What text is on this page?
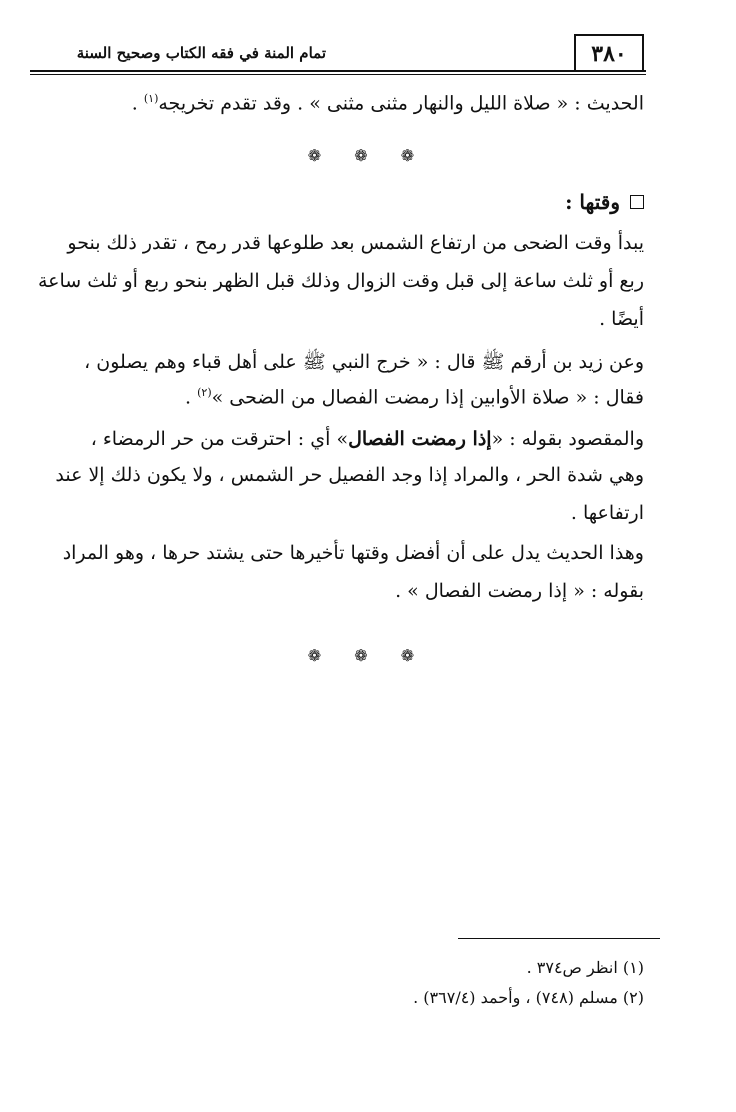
٣٨٠
تمام المنة في فقه الكتاب وصحيح السنة
الحديث : « صلاة الليل والنهار مثنى مثنى » . وقد تقدم تخريجه$^{(١)}$ .
❁ ❁ ❁
وقتها :
يبدأ وقت الضحى من ارتفاع الشمس بعد طلوعها قدر رمح ، تقدر ذلك بنحو
ربع أو ثلث ساعة إلى قبل وقت الزوال وذلك قبل الظهر بنحو ربع أو ثلث ساعة
أيضًا .
وعن زيد بن أرقم ﷺ قال : « خرج النبي ﷺ على أهل قباء وهم يصلون ،
فقال : « صلاة الأوابين إذا رمضت الفصال من الضحى »$^{(٢)}$ .
والمقصود بقوله : «إذا رمضت الفصال» أي : احترقت من حر الرمضاء ،
وهي شدة الحر ، والمراد إذا وجد الفصيل حر الشمس ، ولا يكون ذلك إلا عند
ارتفاعها .
وهذا الحديث يدل على أن أفضل وقتها تأخيرها حتى يشتد حرها ، وهو المراد
بقوله : « إذا رمضت الفصال » .
❁ ❁ ❁
(١) انظر ص٣٧٤ .
(٢) مسلم (٧٤٨) ، وأحمد (٣٦٧/٤) .
